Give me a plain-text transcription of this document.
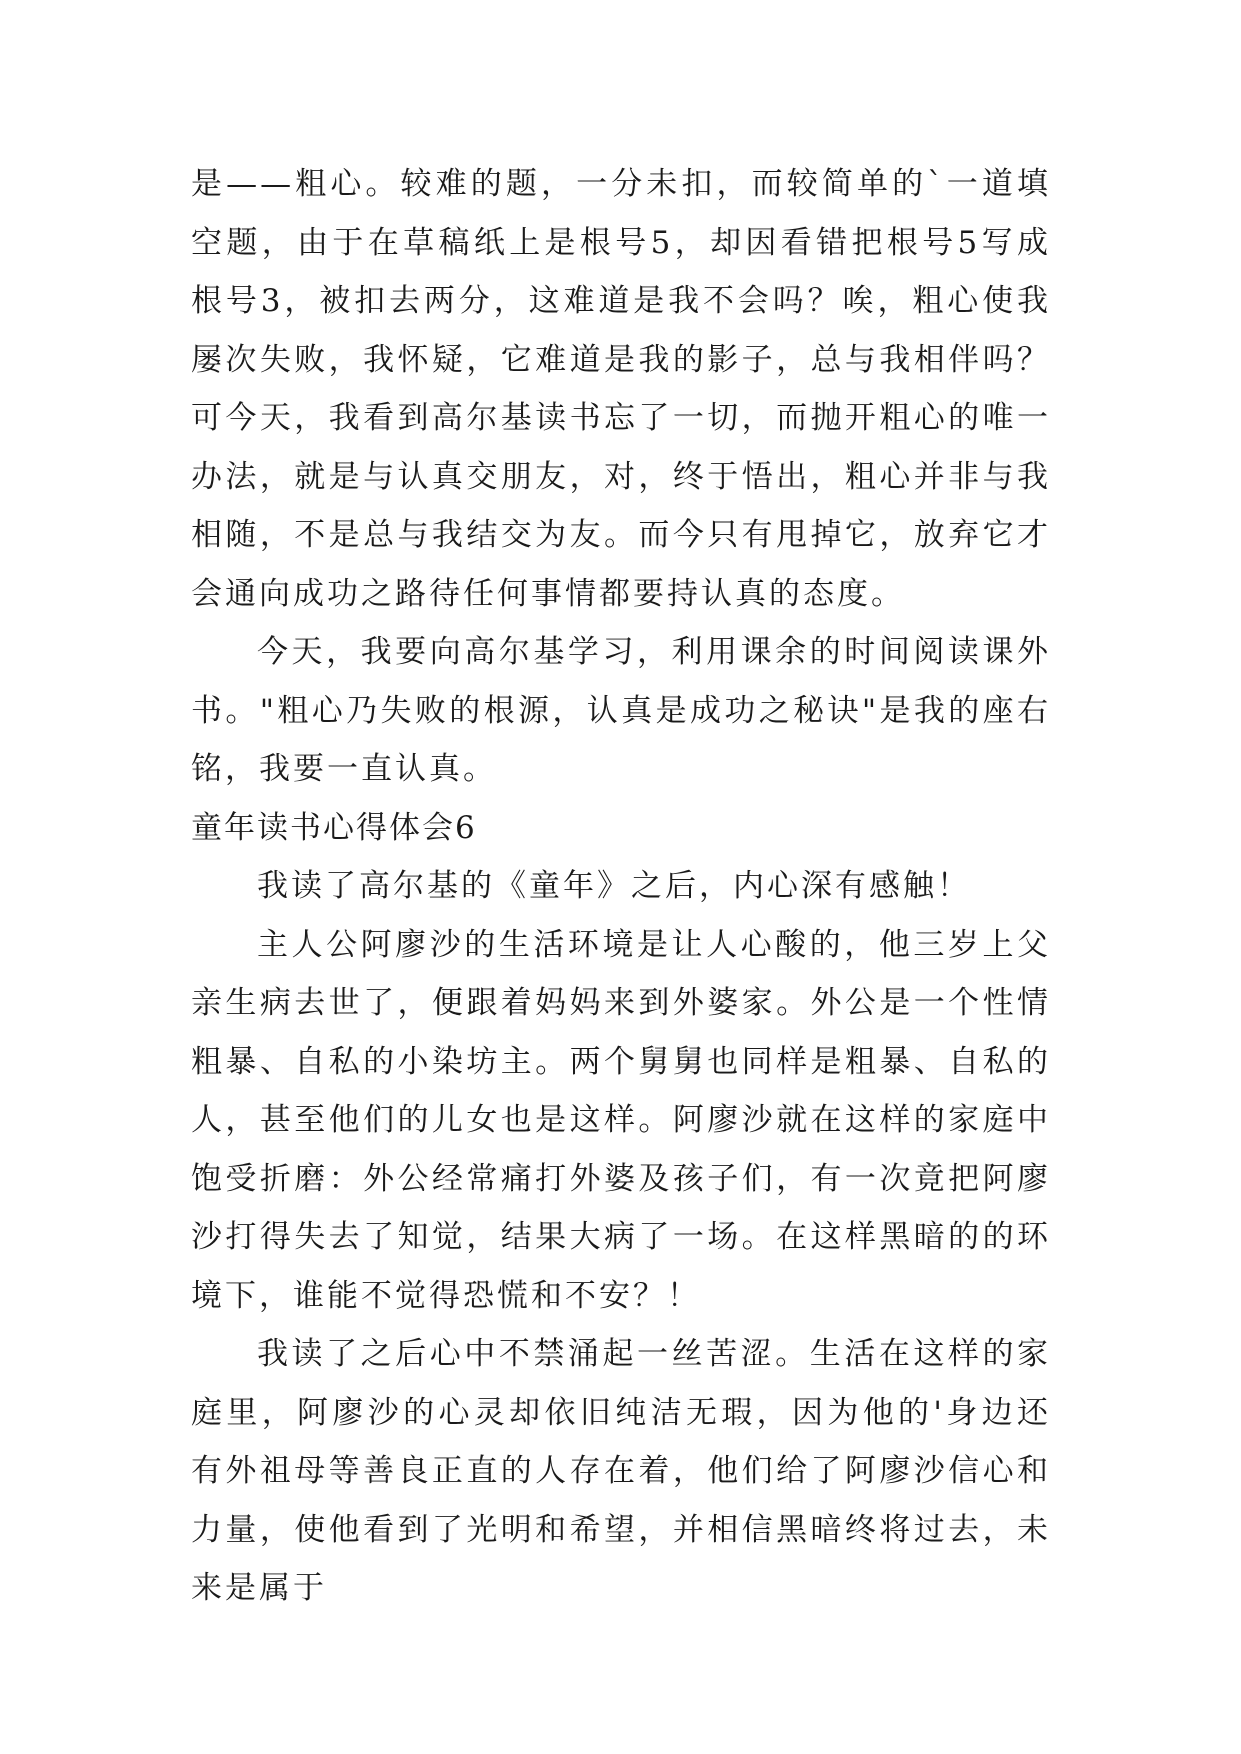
是——粗心。较难的题，一分未扣，而较简单的`一道填空题，由于在草稿纸上是根号5，却因看错把根号5写成根号3，被扣去两分，这难道是我不会吗？唉，粗心使我屡次失败，我怀疑，它难道是我的影子，总与我相伴吗？可今天，我看到高尔基读书忘了一切，而抛开粗心的唯一办法，就是与认真交朋友，对，终于悟出，粗心并非与我相随，不是总与我结交为友。而今只有甩掉它，放弃它才会通向成功之路待任何事情都要持认真的态度。

今天，我要向高尔基学习，利用课余的时间阅读课外书。"粗心乃失败的根源，认真是成功之秘诀"是我的座右铭，我要一直认真。

童年读书心得体会6

我读了高尔基的《童年》之后，内心深有感触！

主人公阿廖沙的生活环境是让人心酸的，他三岁上父亲生病去世了，便跟着妈妈来到外婆家。外公是一个性情粗暴、自私的小染坊主。两个舅舅也同样是粗暴、自私的人，甚至他们的儿女也是这样。阿廖沙就在这样的家庭中饱受折磨：外公经常痛打外婆及孩子们，有一次竟把阿廖沙打得失去了知觉，结果大病了一场。在这样黑暗的的环境下，谁能不觉得恐慌和不安？！

我读了之后心中不禁涌起一丝苦涩。生活在这样的家庭里，阿廖沙的心灵却依旧纯洁无瑕，因为他的'身边还有外祖母等善良正直的人存在着，他们给了阿廖沙信心和力量，使他看到了光明和希望，并相信黑暗终将过去，未来是属于
